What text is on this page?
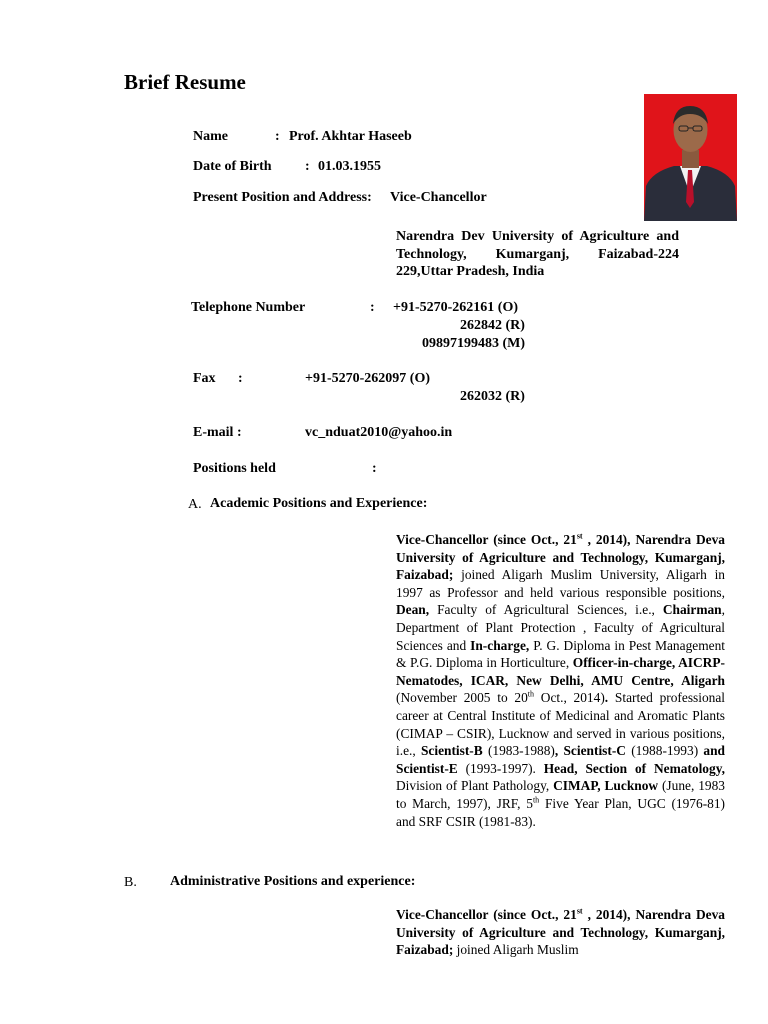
Brief Resume
Name	: Prof. Akhtar Haseeb
Date of Birth : 01.03.1955
Present Position and Address: Vice-Chancellor
Narendra Dev University of Agriculture and Technology, Kumarganj, Faizabad-224 229,Uttar Pradesh, India
Telephone Number	: +91-5270-262161 (O)
262842 (R)
09897199483 (M)
Fax :	+91-5270-262097 (O)
262032 (R)
E-mail :	vc_nduat2010@yahoo.in
Positions held	:
A. Academic Positions and Experience:
Vice-Chancellor (since Oct., 21st , 2014), Narendra Deva University of Agriculture and Technology, Kumarganj, Faizabad; joined Aligarh Muslim University, Aligarh in 1997 as Professor and held various responsible positions, Dean, Faculty of Agricultural Sciences, i.e., Chairman, Department of Plant Protection , Faculty of Agricultural Sciences and In-charge, P. G. Diploma in Pest Management & P.G. Diploma in Horticulture, Officer-in-charge, AICRP- Nematodes, ICAR, New Delhi, AMU Centre, Aligarh (November 2005 to 20th Oct., 2014). Started professional career at Central Institute of Medicinal and Aromatic Plants (CIMAP – CSIR), Lucknow and served in various positions, i.e., Scientist-B (1983-1988), Scientist-C (1988-1993) and Scientist-E (1993-1997). Head, Section of Nematology, Division of Plant Pathology, CIMAP, Lucknow (June, 1983 to March, 1997), JRF, 5th Five Year Plan, UGC (1976-81) and SRF CSIR (1981-83).
B. Administrative Positions and experience:
Vice-Chancellor (since Oct., 21st , 2014), Narendra Deva University of Agriculture and Technology, Kumarganj, Faizabad; joined Aligarh Muslim
